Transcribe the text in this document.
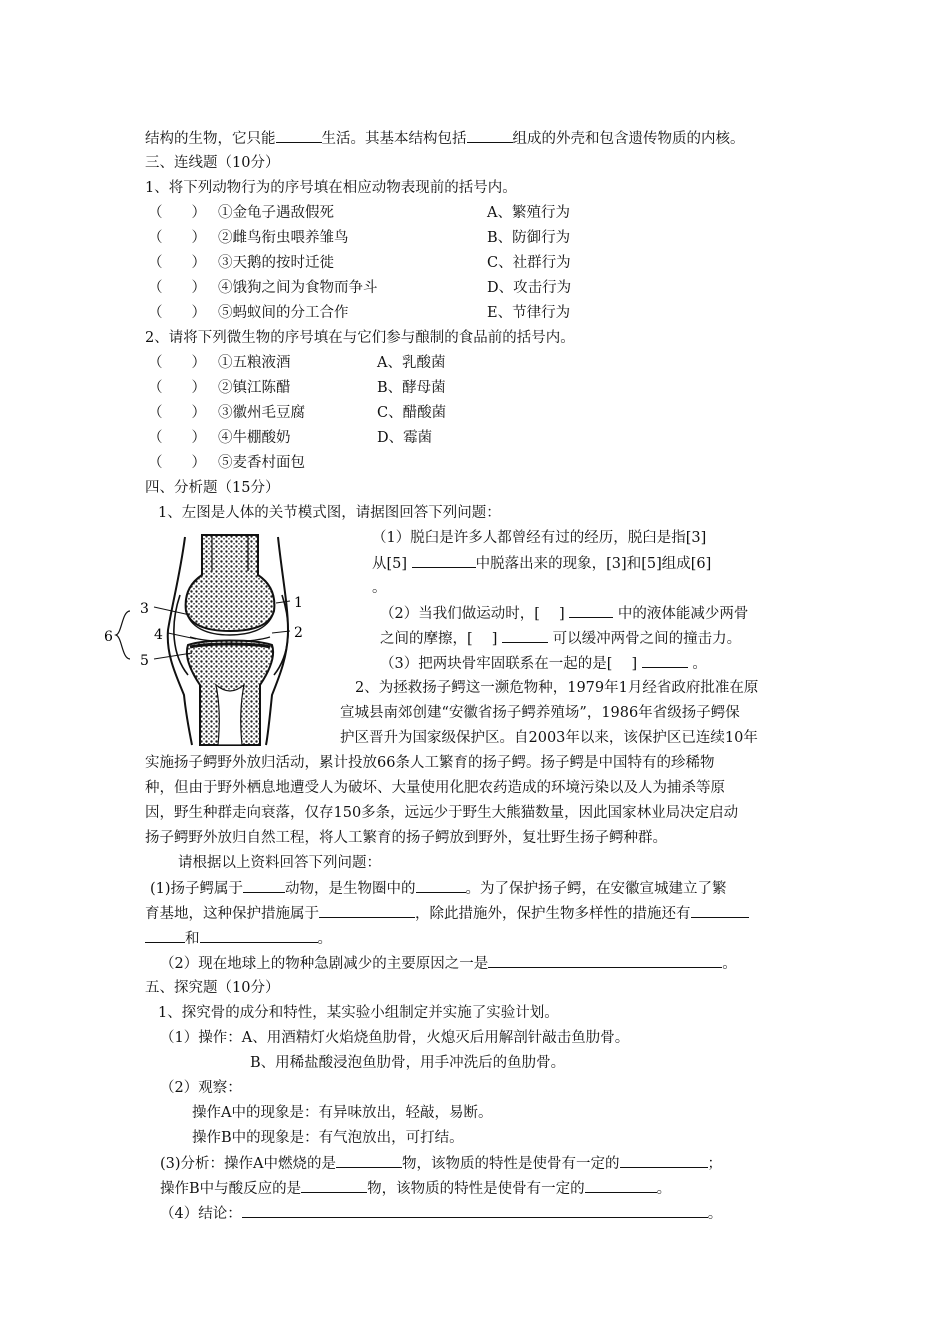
结构的生物，它只能	生活。其基本结构包括	组成的外壳和包含遗传物质的内核。
三、连线题（10分）
1、将下列动物行为的序号填在相应动物表现前的括号内。
（　　） ①金龟子遇敌假死	A、繁殖行为
（　　） ②雌鸟衔虫喂养雏鸟	B、防御行为
（　　） ③天鹅的按时迁徙	C、社群行为
（　　） ④饿狗之间为食物而争斗	D、攻击行为
（　　） ⑤蚂蚁间的分工合作	E、节律行为
2、请将下列微生物的序号填在与它们参与酿制的食品前的括号内。
（　　） ①五粮液酒	A、乳酸菌
（　　） ②镇江陈醋	B、酵母菌
（　　） ③徽州毛豆腐	C、醋酸菌
（　　） ④牛棚酸奶	D、霉菌
（　　） ⑤麦香村面包
四、分析题（15分）
1、左图是人体的关节模式图，请据图回答下列问题：
3
4
5
6
1
2
（1）脱臼是许多人都曾经有过的经历，脱臼是指[3]
从[5]	中脱落出来的现象，[3]和[5]组成[6]
。
（2）当我们做运动时，[　 ]	中的液体能减少两骨
之间的摩擦，[　 ]	可以缓冲两骨之间的撞击力。
（3）把两块骨牢固联系在一起的是[　 ]	。
2、为拯救扬子鳄这一濒危物种，1979年1月经省政府批准在原
宣城县南郊创建“安徽省扬子鳄养殖场”，1986年省级扬子鳄保
护区晋升为国家级保护区。自2003年以来，该保护区已连续10年
实施扬子鳄野外放归活动，累计投放66条人工繁育的扬子鳄。扬子鳄是中国特有的珍稀物
种，但由于野外栖息地遭受人为破坏、大量使用化肥农药造成的环境污染以及人为捕杀等原
因，野生种群走向衰落，仅存150多条，远远少于野生大熊猫数量，因此国家林业局决定启动
扬子鳄野外放归自然工程，将人工繁育的扬子鳄放到野外，复壮野生扬子鳄种群。
请根据以上资料回答下列问题：
(1)扬子鳄属于	动物，是生物圈中的	。为了保护扬子鳄，在安徽宣城建立了繁
育基地，这种保护措施属于	，除此措施外，保护生物多样性的措施还有
和	。
（2）现在地球上的物种急剧减少的主要原因之一是	。
五、探究题（10分）
1、探究骨的成分和特性，某实验小组制定并实施了实验计划。
（1）操作：A、用酒精灯火焰烧鱼肋骨，火熄灭后用解剖针敲击鱼肋骨。
B、用稀盐酸浸泡鱼肋骨，用手冲洗后的鱼肋骨。
（2）观察：
操作A中的现象是：有异味放出，轻敲，易断。
操作B中的现象是：有气泡放出，可打结。
(3)分析：操作A中燃烧的是	物，该物质的特性是使骨有一定的	；
操作B中与酸反应的是	物，该物质的特性是使骨有一定的	。
（4）结论：	。
